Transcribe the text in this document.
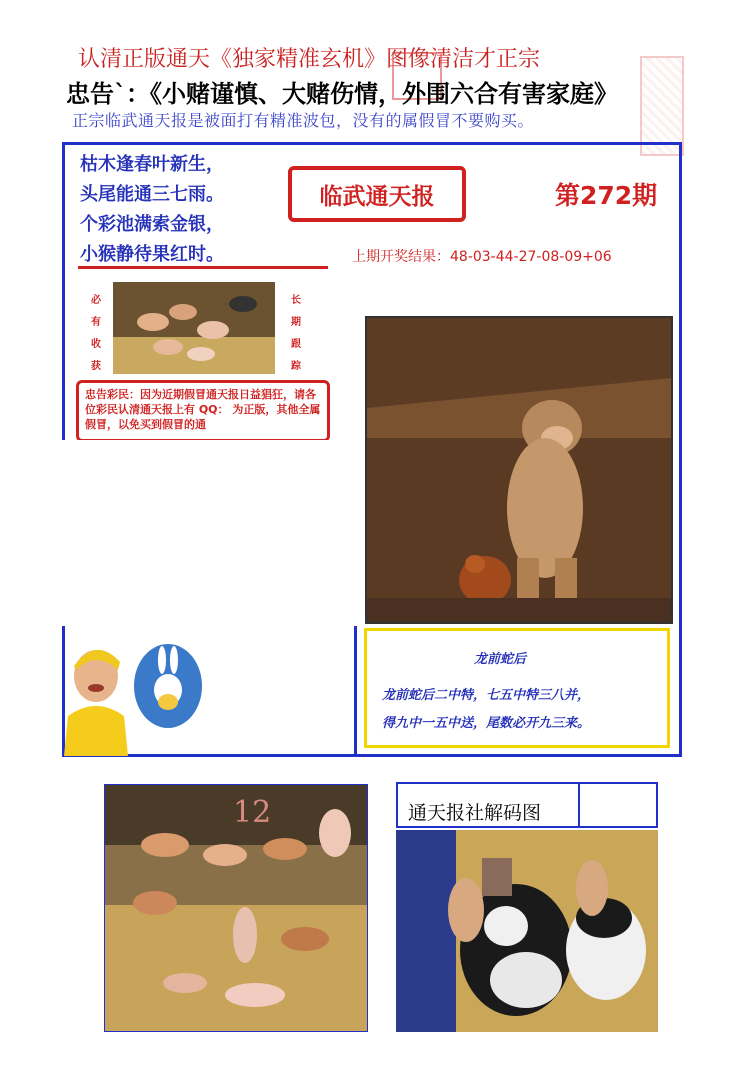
认清正版通天《独家精准玄机》图像清洁才正宗
忠告`：《小赌谨慎、大赌伤情，外围六合有害家庭》
正宗临武通天报是被面打有精准波包，没有的属假冒不要购买。
枯木逢春叶新生，
头尾能通三七雨。
个彩池满索金银，
小猴静待果红时。
临武通天报	第272期
上期开奖结果：48-03-44-27-08-09+06
必
有
收
获
长
期
跟
踪
忠告彩民：因为近期假冒通天报日益猖狂，请各位彩民认清通天报上有 QQ： 为正版，其他全属假冒，以免买到假冒的通
龙前蛇后
龙前蛇后二中特，七五中特三八并，
得九中一五中送，尾数必开九三来。
12	通天报社解码图
